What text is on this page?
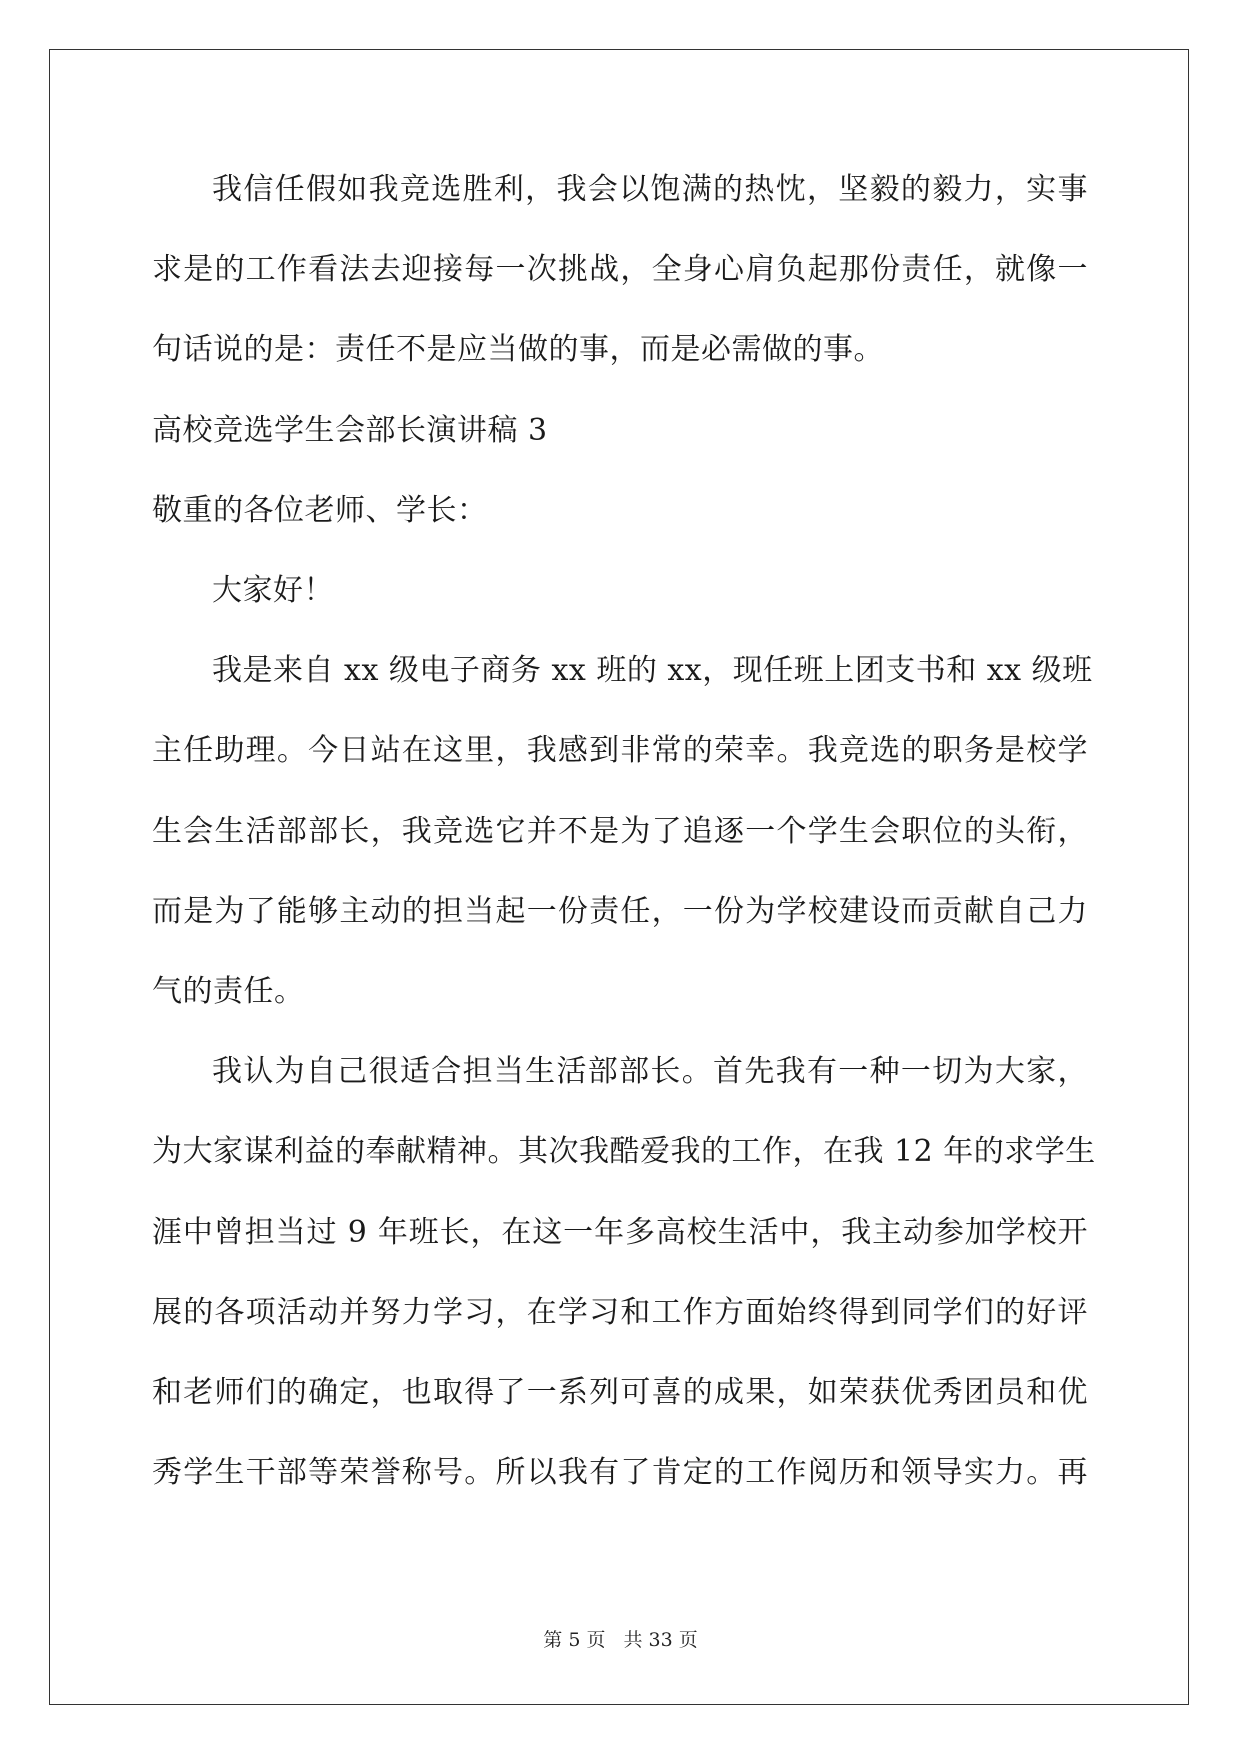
我信任假如我竞选胜利，我会以饱满的热忱，坚毅的毅力，实事
求是的工作看法去迎接每一次挑战，全身心肩负起那份责任，就像一
句话说的是：责任不是应当做的事，而是必需做的事。
高校竞选学生会部长演讲稿 3
敬重的各位老师、学长：
大家好！
我是来自 xx 级电子商务 xx 班的 xx，现任班上团支书和 xx 级班
主任助理。今日站在这里，我感到非常的荣幸。我竞选的职务是校学
生会生活部部长，我竞选它并不是为了追逐一个学生会职位的头衔，
而是为了能够主动的担当起一份责任，一份为学校建设而贡献自己力
气的责任。
我认为自己很适合担当生活部部长。首先我有一种一切为大家，
为大家谋利益的奉献精神。其次我酷爱我的工作，在我 12 年的求学生
涯中曾担当过 9 年班长，在这一年多高校生活中，我主动参加学校开
展的各项活动并努力学习，在学习和工作方面始终得到同学们的好评
和老师们的确定，也取得了一系列可喜的成果，如荣获优秀团员和优
秀学生干部等荣誉称号。所以我有了肯定的工作阅历和领导实力。再
第 5 页 共 33 页
